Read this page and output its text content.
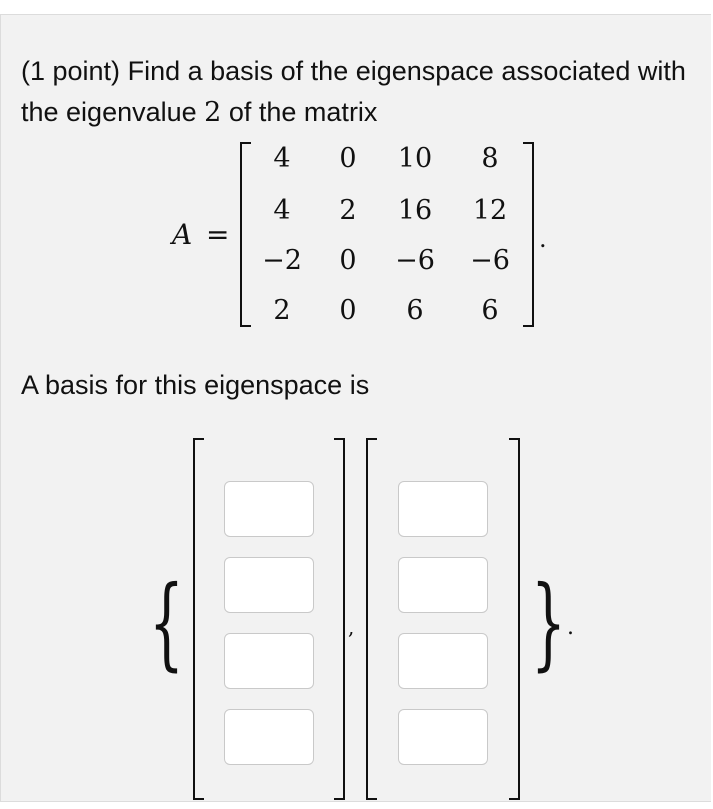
(1 point) Find a basis of the eigenspace associated with the eigenvalue 2 of the matrix
A =
4	0	10	8
4	2	16	12
−2	0	−6	−6
2	0	6	6
.
A basis for this eigenspace is
{	, } .
